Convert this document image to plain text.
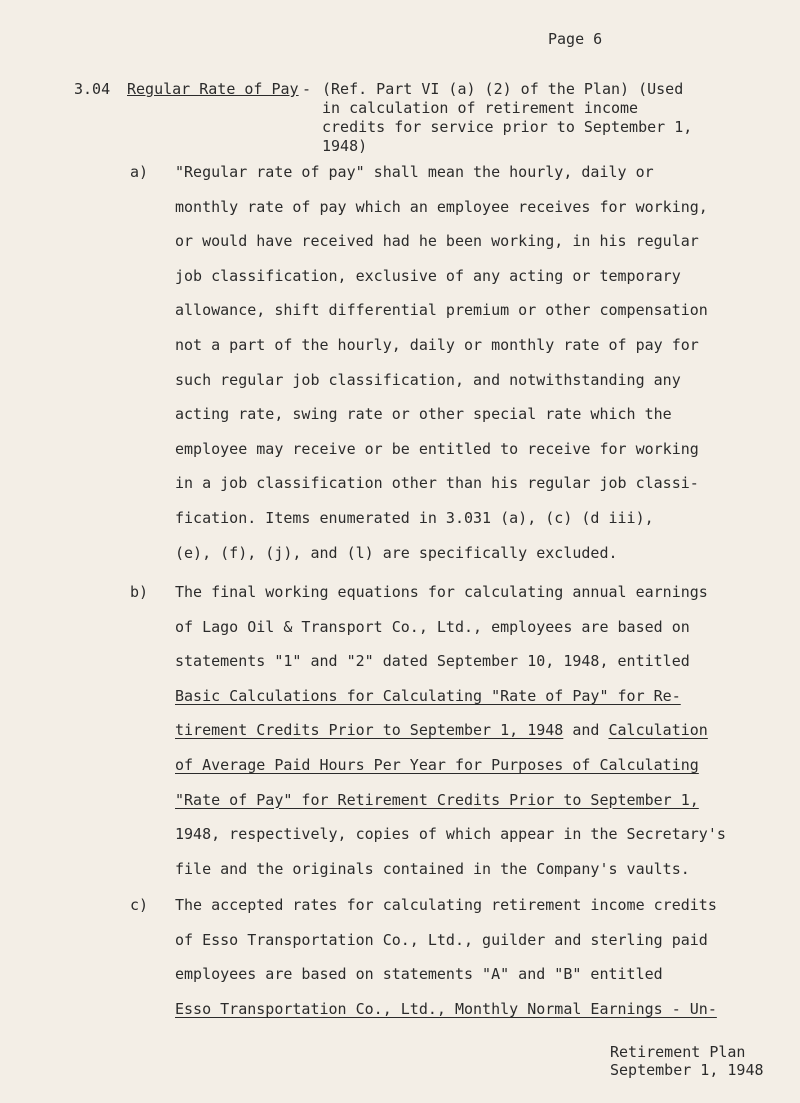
Page 6
3.04 Regular Rate of Pay - (Ref. Part VI (a) (2) of the Plan) (Used
in calculation of retirement income
credits for service prior to September 1,
1948)
a) "Regular rate of pay" shall mean the hourly, daily or
monthly rate of pay which an employee receives for working,
or would have received had he been working, in his regular
job classification, exclusive of any acting or temporary
allowance, shift differential premium or other compensation
not a part of the hourly, daily or monthly rate of pay for
such regular job classification, and notwithstanding any
acting rate, swing rate or other special rate which the
employee may receive or be entitled to receive for working
in a job classification other than his regular job classi-
fication. Items enumerated in 3.031 (a), (c) (d iii),
(e), (f), (j), and (l) are specifically excluded.
b) The final working equations for calculating annual earnings
of Lago Oil & Transport Co., Ltd., employees are based on
statements "1" and "2" dated September 10, 1948, entitled
Basic Calculations for Calculating "Rate of Pay" for Re-
tirement Credits Prior to September 1, 1948 and Calculation
of Average Paid Hours Per Year for Purposes of Calculating
"Rate of Pay" for Retirement Credits Prior to September 1,
1948, respectively, copies of which appear in the Secretary's
file and the originals contained in the Company's vaults.
c) The accepted rates for calculating retirement income credits
of Esso Transportation Co., Ltd., guilder and sterling paid
employees are based on statements "A" and "B" entitled
Esso Transportation Co., Ltd., Monthly Normal Earnings - Un-
Retirement Plan
September 1, 1948
